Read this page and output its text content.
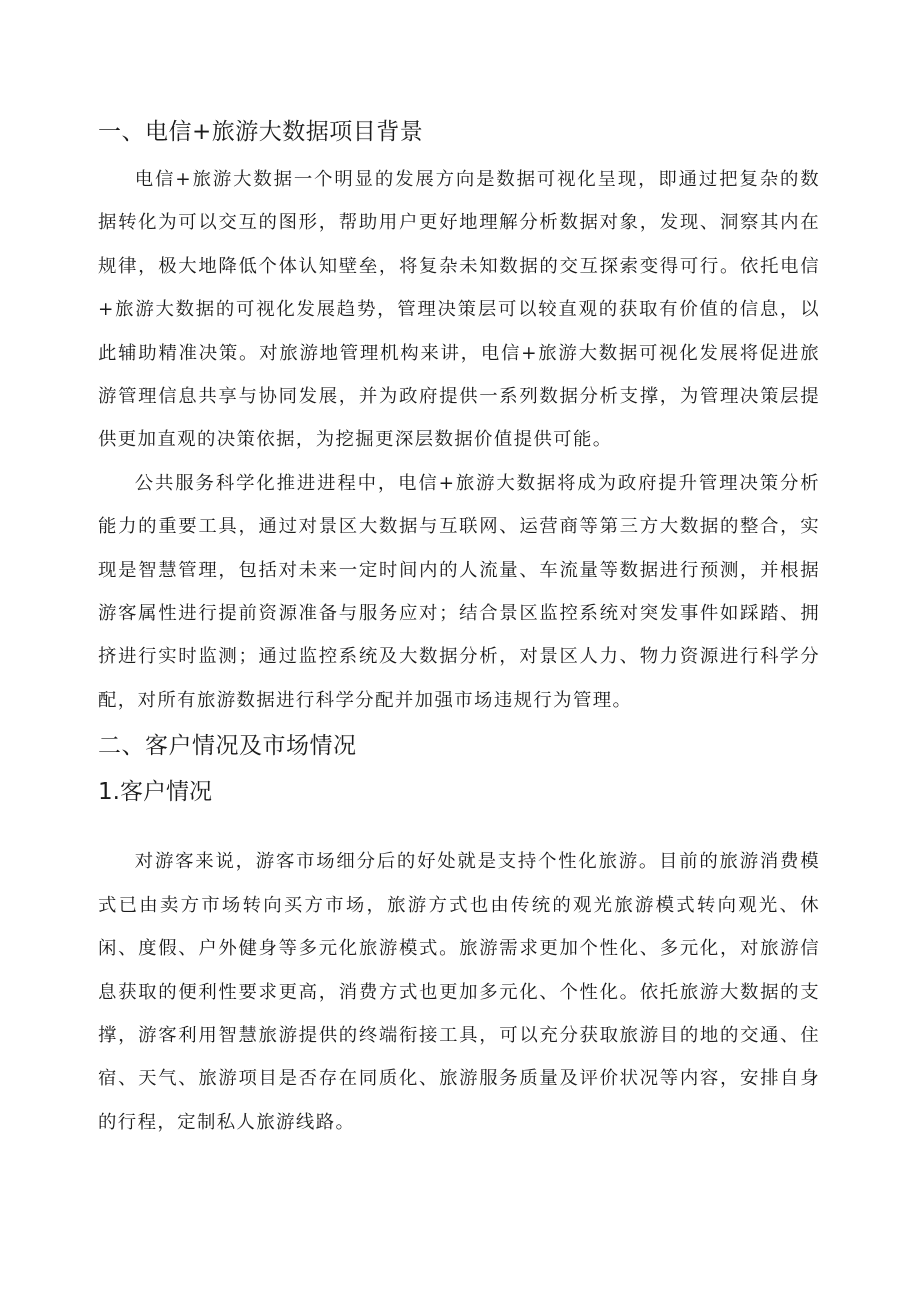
一、电信+旅游大数据项目背景

电信+旅游大数据一个明显的发展方向是数据可视化呈现，即通过把复杂的数据转化为可以交互的图形，帮助用户更好地理解分析数据对象，发现、洞察其内在规律，极大地降低个体认知壁垒，将复杂未知数据的交互探索变得可行。依托电信+旅游大数据的可视化发展趋势，管理决策层可以较直观的获取有价值的信息，以此辅助精准决策。对旅游地管理机构来讲，电信+旅游大数据可视化发展将促进旅游管理信息共享与协同发展，并为政府提供一系列数据分析支撑，为管理决策层提供更加直观的决策依据，为挖掘更深层数据价值提供可能。

公共服务科学化推进进程中，电信+旅游大数据将成为政府提升管理决策分析能力的重要工具，通过对景区大数据与互联网、运营商等第三方大数据的整合，实现是智慧管理，包括对未来一定时间内的人流量、车流量等数据进行预测，并根据游客属性进行提前资源准备与服务应对；结合景区监控系统对突发事件如踩踏、拥挤进行实时监测；通过监控系统及大数据分析，对景区人力、物力资源进行科学分配，对所有旅游数据进行科学分配并加强市场违规行为管理。

二、客户情况及市场情况
1.客户情况

对游客来说，游客市场细分后的好处就是支持个性化旅游。目前的旅游消费模式已由卖方市场转向买方市场，旅游方式也由传统的观光旅游模式转向观光、休闲、度假、户外健身等多元化旅游模式。旅游需求更加个性化、多元化，对旅游信息获取的便利性要求更高，消费方式也更加多元化、个性化。依托旅游大数据的支撑，游客利用智慧旅游提供的终端衔接工具，可以充分获取旅游目的地的交通、住宿、天气、旅游项目是否存在同质化、旅游服务质量及评价状况等内容，安排自身的行程，定制私人旅游线路。
